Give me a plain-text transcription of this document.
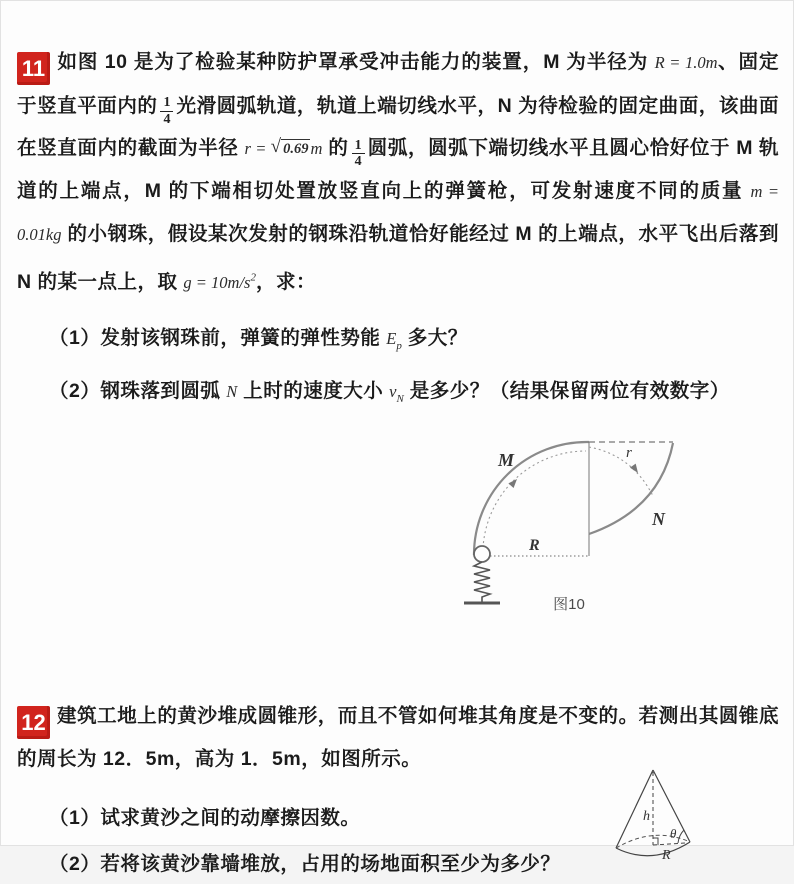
11 如图 10 是为了检验某种防护罩承受冲击能力的装置，M 为半径为 R = 1.0m、固定于竖直平面内的 $\frac{1}{4}$ 光滑圆弧轨道，轨道上端切线水平，N 为待检验的固定曲面，该曲面在竖直面内的截面为半径 r = √ 0.69 m 的 $\frac{1}{4}$ 圆弧，圆弧下端切线水平且圆心恰好位于 M 轨道的上端点，M 的下端相切处置放竖直向上的弹簧枪，可发射速度不同的质量 m = 0.01kg 的小钢珠，假设某次发射的钢珠沿轨道恰好能经过 M 的上端点，水平飞出后落到 N 的某一点上，取 $g = 10m/s^2$，求：

（1）发射该钢珠前，弹簧的弹性势能 $E_p$ 多大？
（2）钢珠落到圆弧 N 上时的速度大小 $v_N$ 是多少？（结果保留两位有效数字）
M	r
N
R
图10

12 建筑工地上的黄沙堆成圆锥形，而且不管如何堆其角度是不变的。若测出其圆锥底的周长为 12．5m，高为 1．5m，如图所示。

（1）试求黄沙之间的动摩擦因数。
（2）若将该黄沙靠墙堆放，占用的场地面积至少为多少？
h
θ
R
